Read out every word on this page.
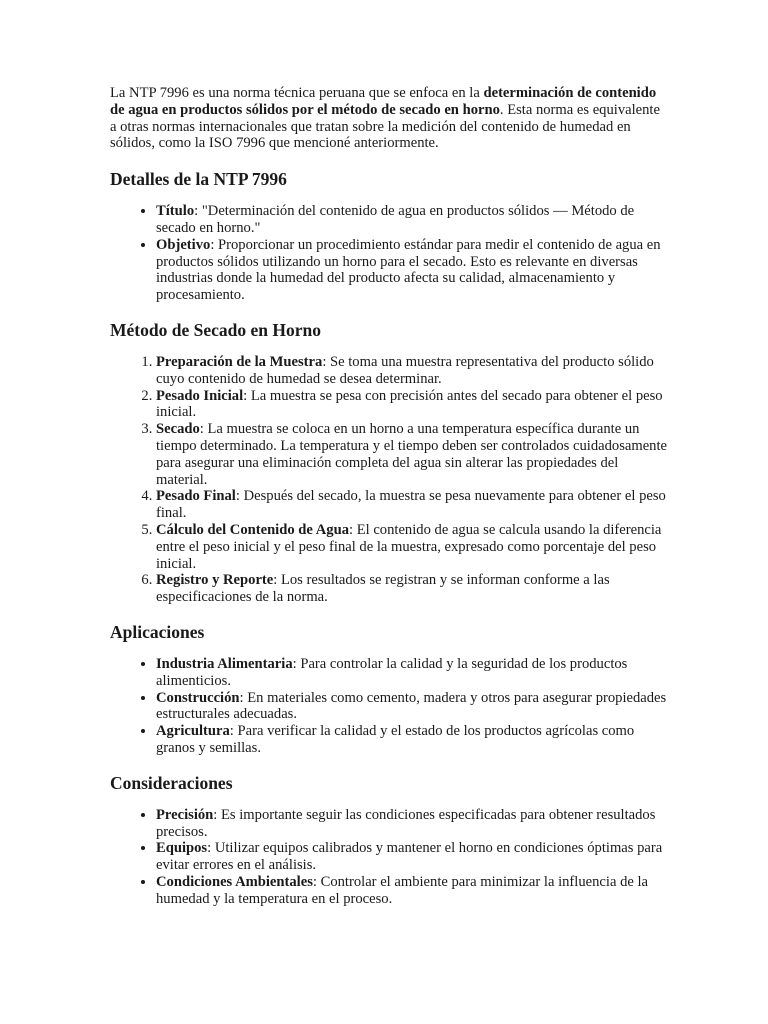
La NTP 7996 es una norma técnica peruana que se enfoca en la determinación de contenido de agua en productos sólidos por el método de secado en horno. Esta norma es equivalente a otras normas internacionales que tratan sobre la medición del contenido de humedad en sólidos, como la ISO 7996 que mencioné anteriormente.

Detalles de la NTP 7996
• Título: "Determinación del contenido de agua en productos sólidos — Método de secado en horno."
• Objetivo: Proporcionar un procedimiento estándar para medir el contenido de agua en productos sólidos utilizando un horno para el secado. Esto es relevante en diversas industrias donde la humedad del producto afecta su calidad, almacenamiento y procesamiento.
Método de Secado en Horno
1. Preparación de la Muestra: Se toma una muestra representativa del producto sólido cuyo contenido de humedad se desea determinar.
2. Pesado Inicial: La muestra se pesa con precisión antes del secado para obtener el peso inicial.
3. Secado: La muestra se coloca en un horno a una temperatura específica durante un tiempo determinado. La temperatura y el tiempo deben ser controlados cuidadosamente para asegurar una eliminación completa del agua sin alterar las propiedades del material.
4. Pesado Final: Después del secado, la muestra se pesa nuevamente para obtener el peso final.
5. Cálculo del Contenido de Agua: El contenido de agua se calcula usando la diferencia entre el peso inicial y el peso final de la muestra, expresado como porcentaje del peso inicial.
6. Registro y Reporte: Los resultados se registran y se informan conforme a las especificaciones de la norma.
Aplicaciones
• Industria Alimentaria: Para controlar la calidad y la seguridad de los productos alimenticios.
• Construcción: En materiales como cemento, madera y otros para asegurar propiedades estructurales adecuadas.
• Agricultura: Para verificar la calidad y el estado de los productos agrícolas como granos y semillas.
Consideraciones
• Precisión: Es importante seguir las condiciones especificadas para obtener resultados precisos.
• Equipos: Utilizar equipos calibrados y mantener el horno en condiciones óptimas para evitar errores en el análisis.
• Condiciones Ambientales: Controlar el ambiente para minimizar la influencia de la humedad y la temperatura en el proceso.
